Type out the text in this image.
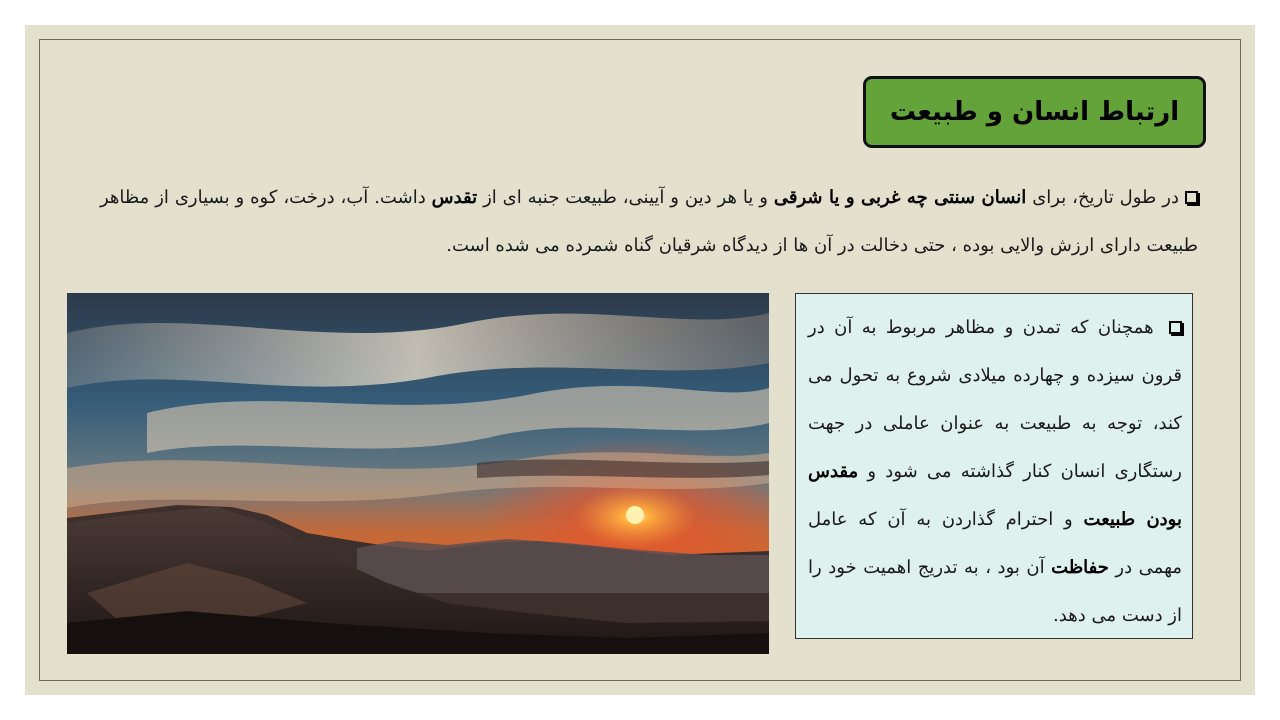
ارتباط انسان و طبیعت
در طول تاریخ، برای انسان سنتی چه غربی و یا شرقی و یا هر دین و آیینی، طبیعت جنبه ای از تقدس داشت. آب، درخت، کوه و بسیاری از مظاهر طبیعت دارای ارزش والایی بوده ، حتی دخالت در آن ها از دیدگاه شرقیان گناه شمرده می شده است.
همچنان که تمدن و مظاهر مربوط به آن در قرون سیزده و چهارده میلادی شروع به تحول می کند، توجه به طبیعت به عنوان عاملی در جهت رستگاری انسان کنار گذاشته می شود و مقدس بودن طبیعت و احترام گذاردن به آن که عامل مهمی در حفاظت آن بود ، به تدریج اهمیت خود را از دست می دهد.
